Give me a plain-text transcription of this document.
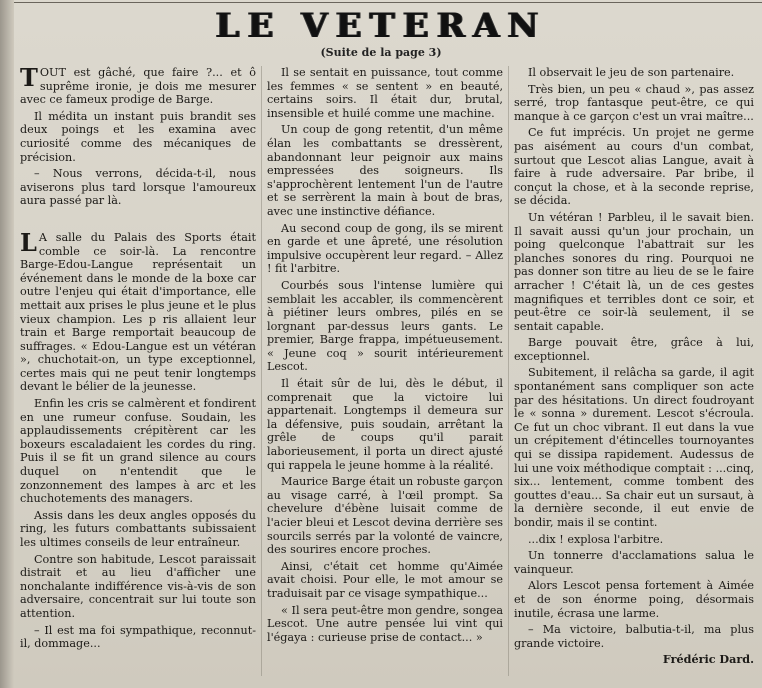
LE VETERAN
(Suite de la page 3)

TOUT est gâché, que faire ?... et ô suprême ironie, je dois me mesurer avec ce fameux prodige de Barge.

Il médita un instant puis brandit ses deux poings et les examina avec curiosité comme des mécaniques de précision.

– Nous verrons, décida-t-il, nous aviserons plus tard lorsque l'amoureux aura passé par là.

L A salle du Palais des Sports était comble ce soir-là. La rencontre Barge-Edou-Langue représentait un événement dans le monde de la boxe car outre l'enjeu qui était d'importance, elle mettait aux prises le plus jeune et le plus vieux champion. Les p ris allaient leur train et Barge remportait beaucoup de suffrages. « Edou-Langue est un vétéran », chuchotait-on, un type exceptionnel, certes mais qui ne peut tenir longtemps devant le bélier de la jeunesse.

Enfin les cris se calmèrent et fondirent en une rumeur confuse. Soudain, les applaudissements crépitèrent car les boxeurs escaladaient les cordes du ring. Puis il se fit un grand silence au cours duquel on n'entendit que le zonzonnement des lampes à arc et les chuchotements des managers.

Assis dans les deux angles opposés du ring, les futurs combattants subissaient les ultimes conseils de leur entraîneur.

Contre son habitude, Lescot paraissait distrait et au lieu d'afficher une nonchalante indifférence vis-à-vis de son adversaire, concentrait sur lui toute son attention.

– Il est ma foi sympathique, reconnut-il, dommage...

Il se sentait en puissance, tout comme les femmes « se sentent » en beauté, certains soirs. Il était dur, brutal, insensible et huilé comme une machine.

Un coup de gong retentit, d'un même élan les combattants se dressèrent, abandonnant leur peignoir aux mains empressées des soigneurs. Ils s'approchèrent lentement l'un de l'autre et se serrèrent la main à bout de bras, avec une instinctive défiance.

Au second coup de gong, ils se mirent en garde et une âpreté, une résolution impulsive occupèrent leur regard. – Allez ! fit l'arbitre.

Courbés sous l'intense lumière qui semblait les accabler, ils commencèrent à piétiner leurs ombres, pilés en se lorgnant par-dessus leurs gants. Le premier, Barge frappa, impétueusement. « Jeune coq » sourit intérieurement Lescot.

Il était sûr de lui, dès le début, il comprenait que la victoire lui appartenait. Longtemps il demeura sur la défensive, puis soudain, arrêtant la grêle de coups qu'il parait laborieusement, il porta un direct ajusté qui rappela le jeune homme à la réalité.

Maurice Barge était un robuste garçon au visage carré, à l'œil prompt. Sa chevelure d'ébène luisait comme de l'acier bleui et Lescot devina derrière ses sourcils serrés par la volonté de vaincre, des sourires encore proches.

Ainsi, c'était cet homme qu'Aimée avait choisi. Pour elle, le mot amour se traduisait par ce visage sympathique...

« Il sera peut-être mon gendre, songea Lescot. Une autre pensée lui vint qui l'égaya : curieuse prise de contact... »

Il observait le jeu de son partenaire.

Très bien, un peu « chaud », pas assez serré, trop fantasque peut-être, ce qui manque à ce garçon c'est un vrai maître...

Ce fut imprécis. Un projet ne germe pas aisément au cours d'un combat, surtout que Lescot alias Langue, avait à faire à rude adversaire. Par bribe, il conçut la chose, et à la seconde reprise, se décida.

Un vétéran ! Parbleu, il le savait bien. Il savait aussi qu'un jour prochain, un poing quelconque l'abattrait sur les planches sonores du ring. Pourquoi ne pas donner son titre au lieu de se le faire arracher ! C'était là, un de ces gestes magnifiques et terribles dont ce soir, et peut-être ce soir-là seulement, il se sentait capable.

Barge pouvait être, grâce à lui, exceptionnel.

Subitement, il relâcha sa garde, il agit spontanément sans compliquer son acte par des hésitations. Un direct foudroyant le « sonna » durement. Lescot s'écroula. Ce fut un choc vibrant. Il eut dans la vue un crépitement d'étincelles tournoyantes qui se dissipa rapidement. Audessus de lui une voix méthodique comptait : ...cinq, six... lentement, comme tombent des gouttes d'eau... Sa chair eut un sursaut, à la dernière seconde, il eut envie de bondir, mais il se contint.

...dix ! explosa l'arbitre.

Un tonnerre d'acclamations salua le vainqueur.

Alors Lescot pensa fortement à Aimée et de son énorme poing, désormais inutile, écrasa une larme.

– Ma victoire, balbutia-t-il, ma plus grande victoire.

Frédéric Dard.
